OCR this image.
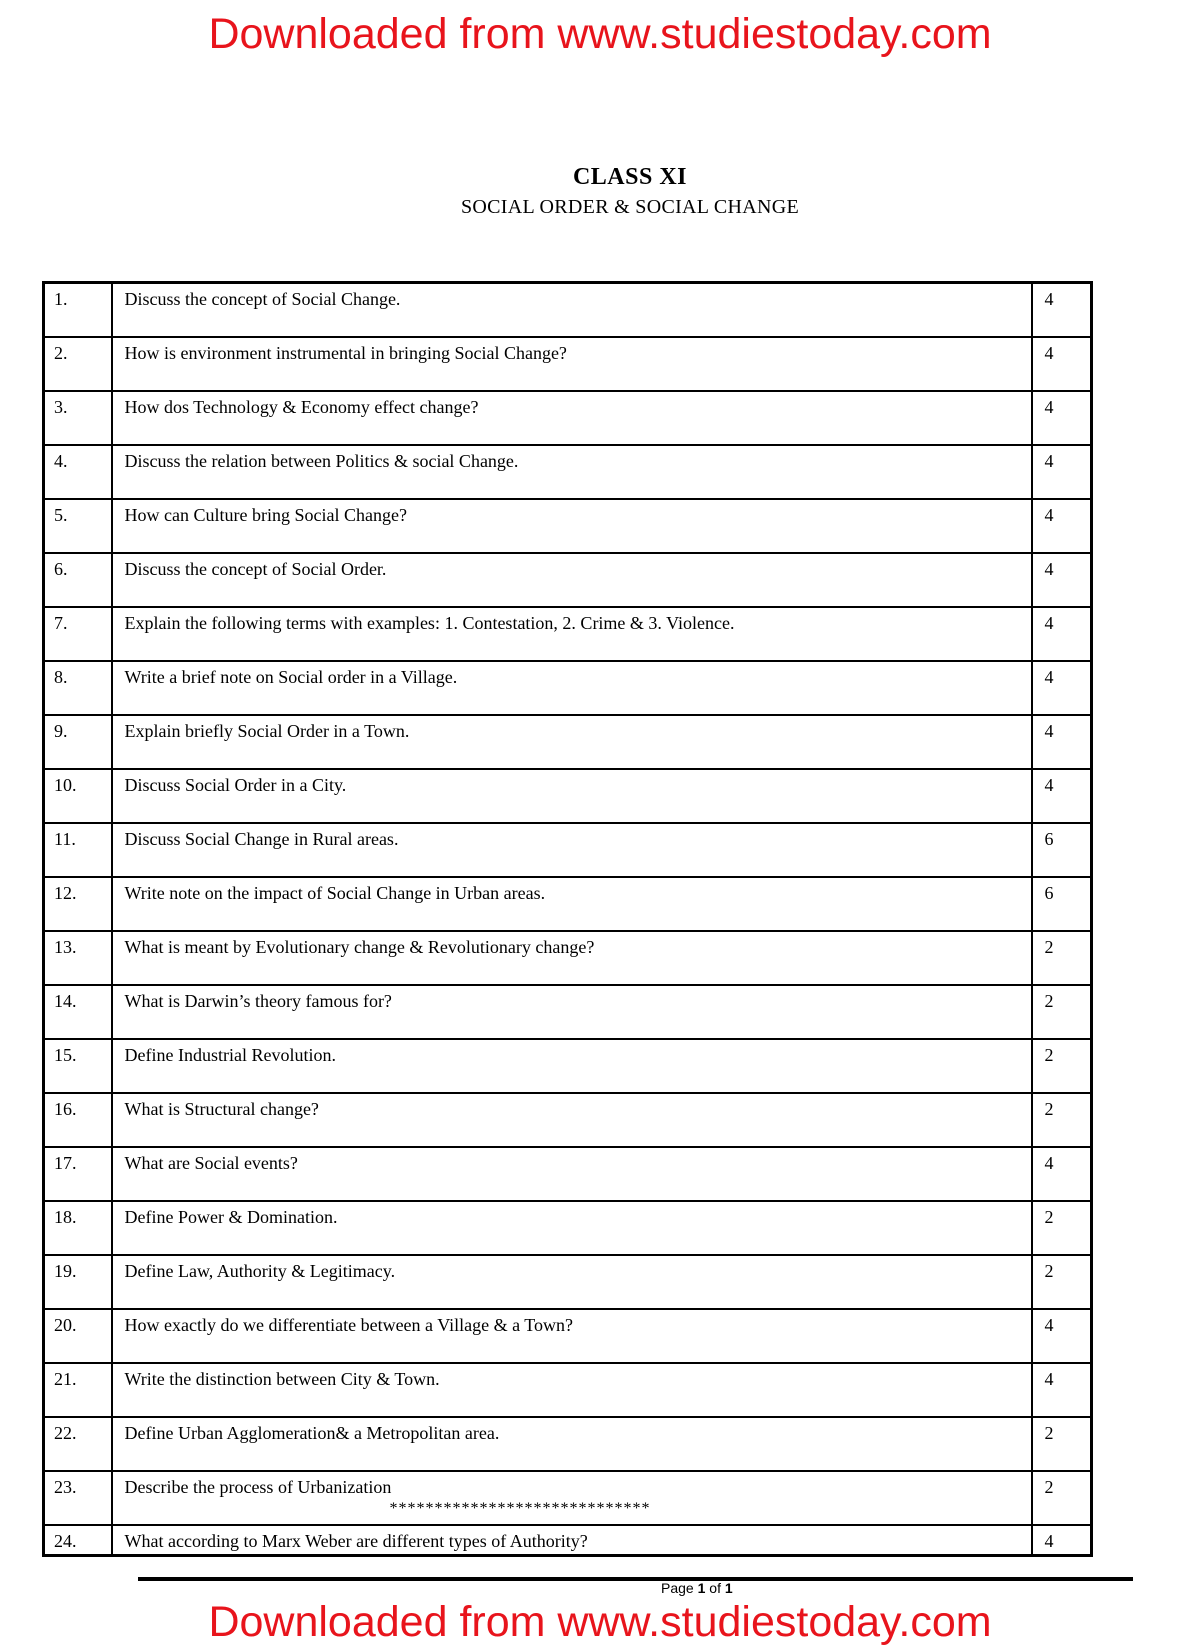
Downloaded from www.studiestoday.com
CLASS XI
SOCIAL ORDER & SOCIAL CHANGE
1.	Discuss the concept of Social Change.	4
2.	How is environment instrumental in bringing Social Change?	4
3.	How dos Technology & Economy effect change?	4
4.	Discuss the relation between Politics & social Change.	4
5.	How can Culture bring Social Change?	4
6.	Discuss the concept of Social Order.	4
7.	Explain the following terms with examples: 1. Contestation, 2. Crime & 3. Violence.	4
8.	Write a brief note on Social order in a Village.	4
9.	Explain briefly Social Order in a Town.	4
10.	Discuss Social Order in a City.	4
11.	Discuss Social Change in Rural areas.	6
12.	Write note on the impact of Social Change in Urban areas.	6
13.	What is meant by Evolutionary change & Revolutionary change?	2
14.	What is Darwin’s theory famous for?	2
15.	Define Industrial Revolution.	2
16.	What is Structural change?	2
17.	What are Social events?	4
18.	Define Power & Domination.	2
19.	Define Law, Authority & Legitimacy.	2
20.	How exactly do we differentiate between a Village & a Town?	4
21.	Write the distinction between City & Town.	4
22.	Define Urban Agglomeration& a Metropolitan area.	2
23.	Describe the process of Urbanization	2
24.	What according to Marx Weber are different types of Authority?	4
*****************************
Page 1 of 1
Downloaded from www.studiestoday.com
